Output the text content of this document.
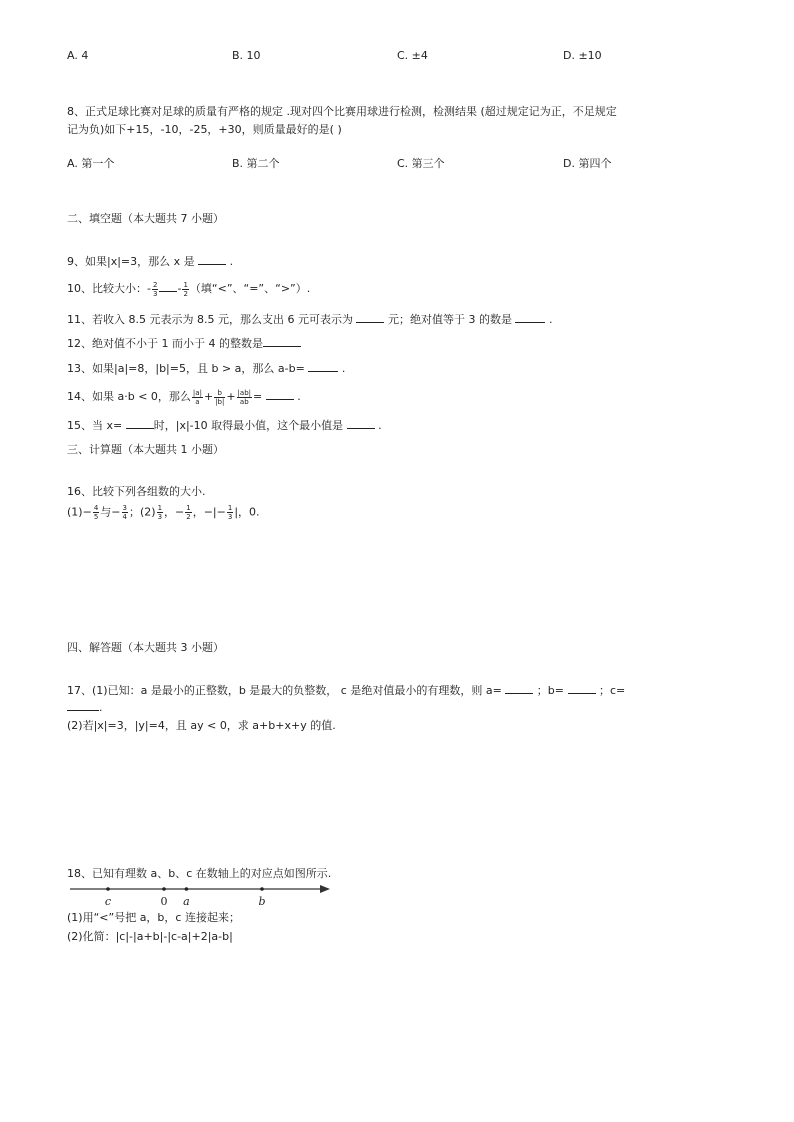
A. 4	B. 10	C. ±4	D. ±10
8、正式足球比赛对足球的质量有严格的规定 .现对四个比赛用球进行检测，检测结果 (超过规定记为正，不足规定
记为负)如下+15，-10，-25，+30，则质量最好的是( )
A. 第一个	B. 第二个	C. 第三个	D. 第四个
二、填空题（本大题共 7 小题）
9、如果|x|=3，那么 x 是	.
10、比较大小：- $\frac{2}{3} - \frac{1}{2}$ （填“<”、“=”、“>”）.
11、若收入 8.5 元表示为 8.5 元，那么支出 6 元可表示为	元；绝对值等于 3 的数是	.
12、绝对值不小于 1 而小于 4 的整数是
13、如果|a|=8，|b|=5，且 b > a，那么 a-b=	.
14、如果 a·b < 0，那么 $\frac{|a|}{a} + \frac{b}{|b|} + \frac{|ab|}{ab}$ =	.
15、当 x=	时，|x|-10 取得最小值，这个最小值是	.
三、计算题（本大题共 1 小题）
16、比较下列各组数的大小.
$(1)- \frac{4}{5}$ 与− $\frac{3}{4}$ ；$(2) \frac{1}{3}$ ，− $\frac{1}{2}$ ，−|− $\frac{1}{3}$ |，0.
四、解答题（本大题共 3 小题）
17、(1)已知：a 是最小的正整数，b 是最大的负整数， c 是绝对值最小的有理数，则 a=	；b=	；c=
.
(2)若|x|=3，|y|=4，且 ay < 0，求 a+b+x+y 的值.
18、已知有理数 a、b、c 在数轴上的对应点如图所示.
c	0 a	b
(1)用“<”号把 a，b，c 连接起来；
(2)化简：|c|-|a+b|-|c-a|+2|a-b|
